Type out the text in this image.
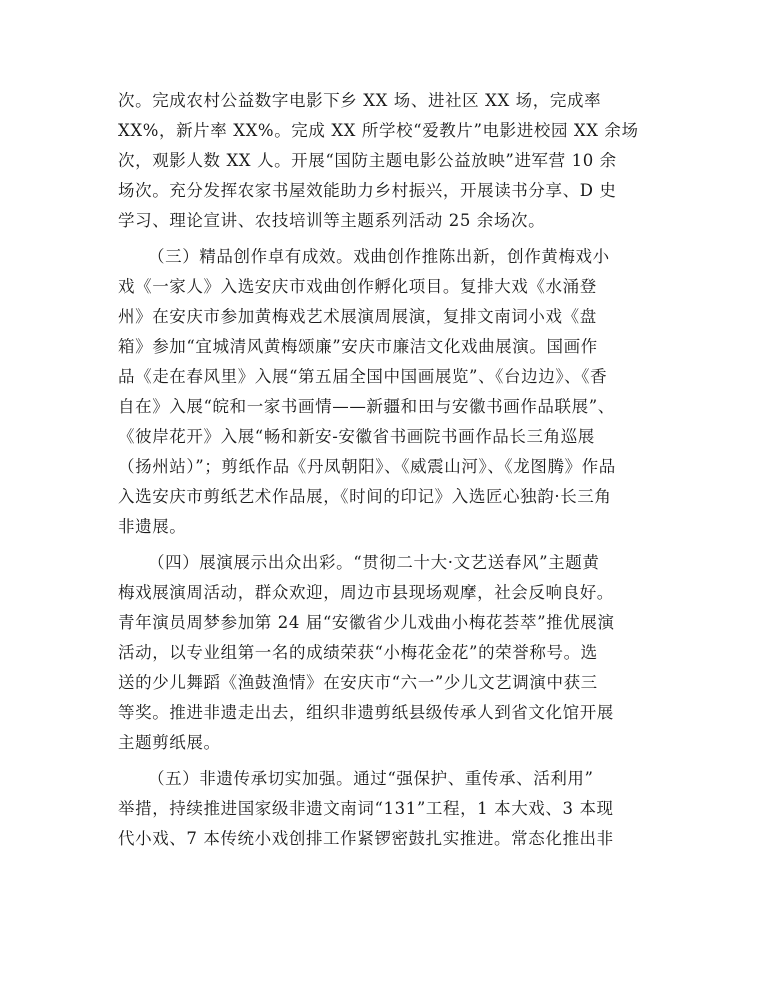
次。完成农村公益数字电影下乡 XX 场、进社区 XX 场，完成率
XX%，新片率 XX%。完成 XX 所学校“爱教片”电影进校园 XX 余场
次，观影人数 XX 人。开展“国防主题电影公益放映”进军营 10 余
场次。充分发挥农家书屋效能助力乡村振兴，开展读书分享、D 史
学习、理论宣讲、农技培训等主题系列活动 25 余场次。
（三）精品创作卓有成效。戏曲创作推陈出新，创作黄梅戏小
戏《一家人》入选安庆市戏曲创作孵化项目。复排大戏《水涌登
州》在安庆市参加黄梅戏艺术展演周展演，复排文南词小戏《盘
箱》参加“宜城清风黄梅颂廉”安庆市廉洁文化戏曲展演。国画作
品《走在春风里》入展“第五届全国中国画展览”、《台边边》、《香
自在》入展“皖和一家书画情——新疆和田与安徽书画作品联展”、
《彼岸花开》入展“畅和新安-安徽省书画院书画作品长三角巡展
（扬州站）”；剪纸作品《丹凤朝阳》、《威震山河》、《龙图腾》作品
入选安庆市剪纸艺术作品展，《时间的印记》入选匠心独韵·长三角
非遗展。
（四）展演展示出众出彩。“贯彻二十大·文艺送春风”主题黄
梅戏展演周活动，群众欢迎，周边市县现场观摩，社会反响良好。
青年演员周梦参加第 24 届“安徽省少儿戏曲小梅花荟萃”推优展演
活动，以专业组第一名的成绩荣获“小梅花金花”的荣誉称号。选
送的少儿舞蹈《渔鼓渔情》在安庆市“六一”少儿文艺调演中获三
等奖。推进非遗走出去，组织非遗剪纸县级传承人到省文化馆开展
主题剪纸展。
（五）非遗传承切实加强。通过“强保护、重传承、活利用”
举措，持续推进国家级非遗文南词“131”工程，1 本大戏、3 本现
代小戏、7 本传统小戏创排工作紧锣密鼓扎实推进。常态化推出非
